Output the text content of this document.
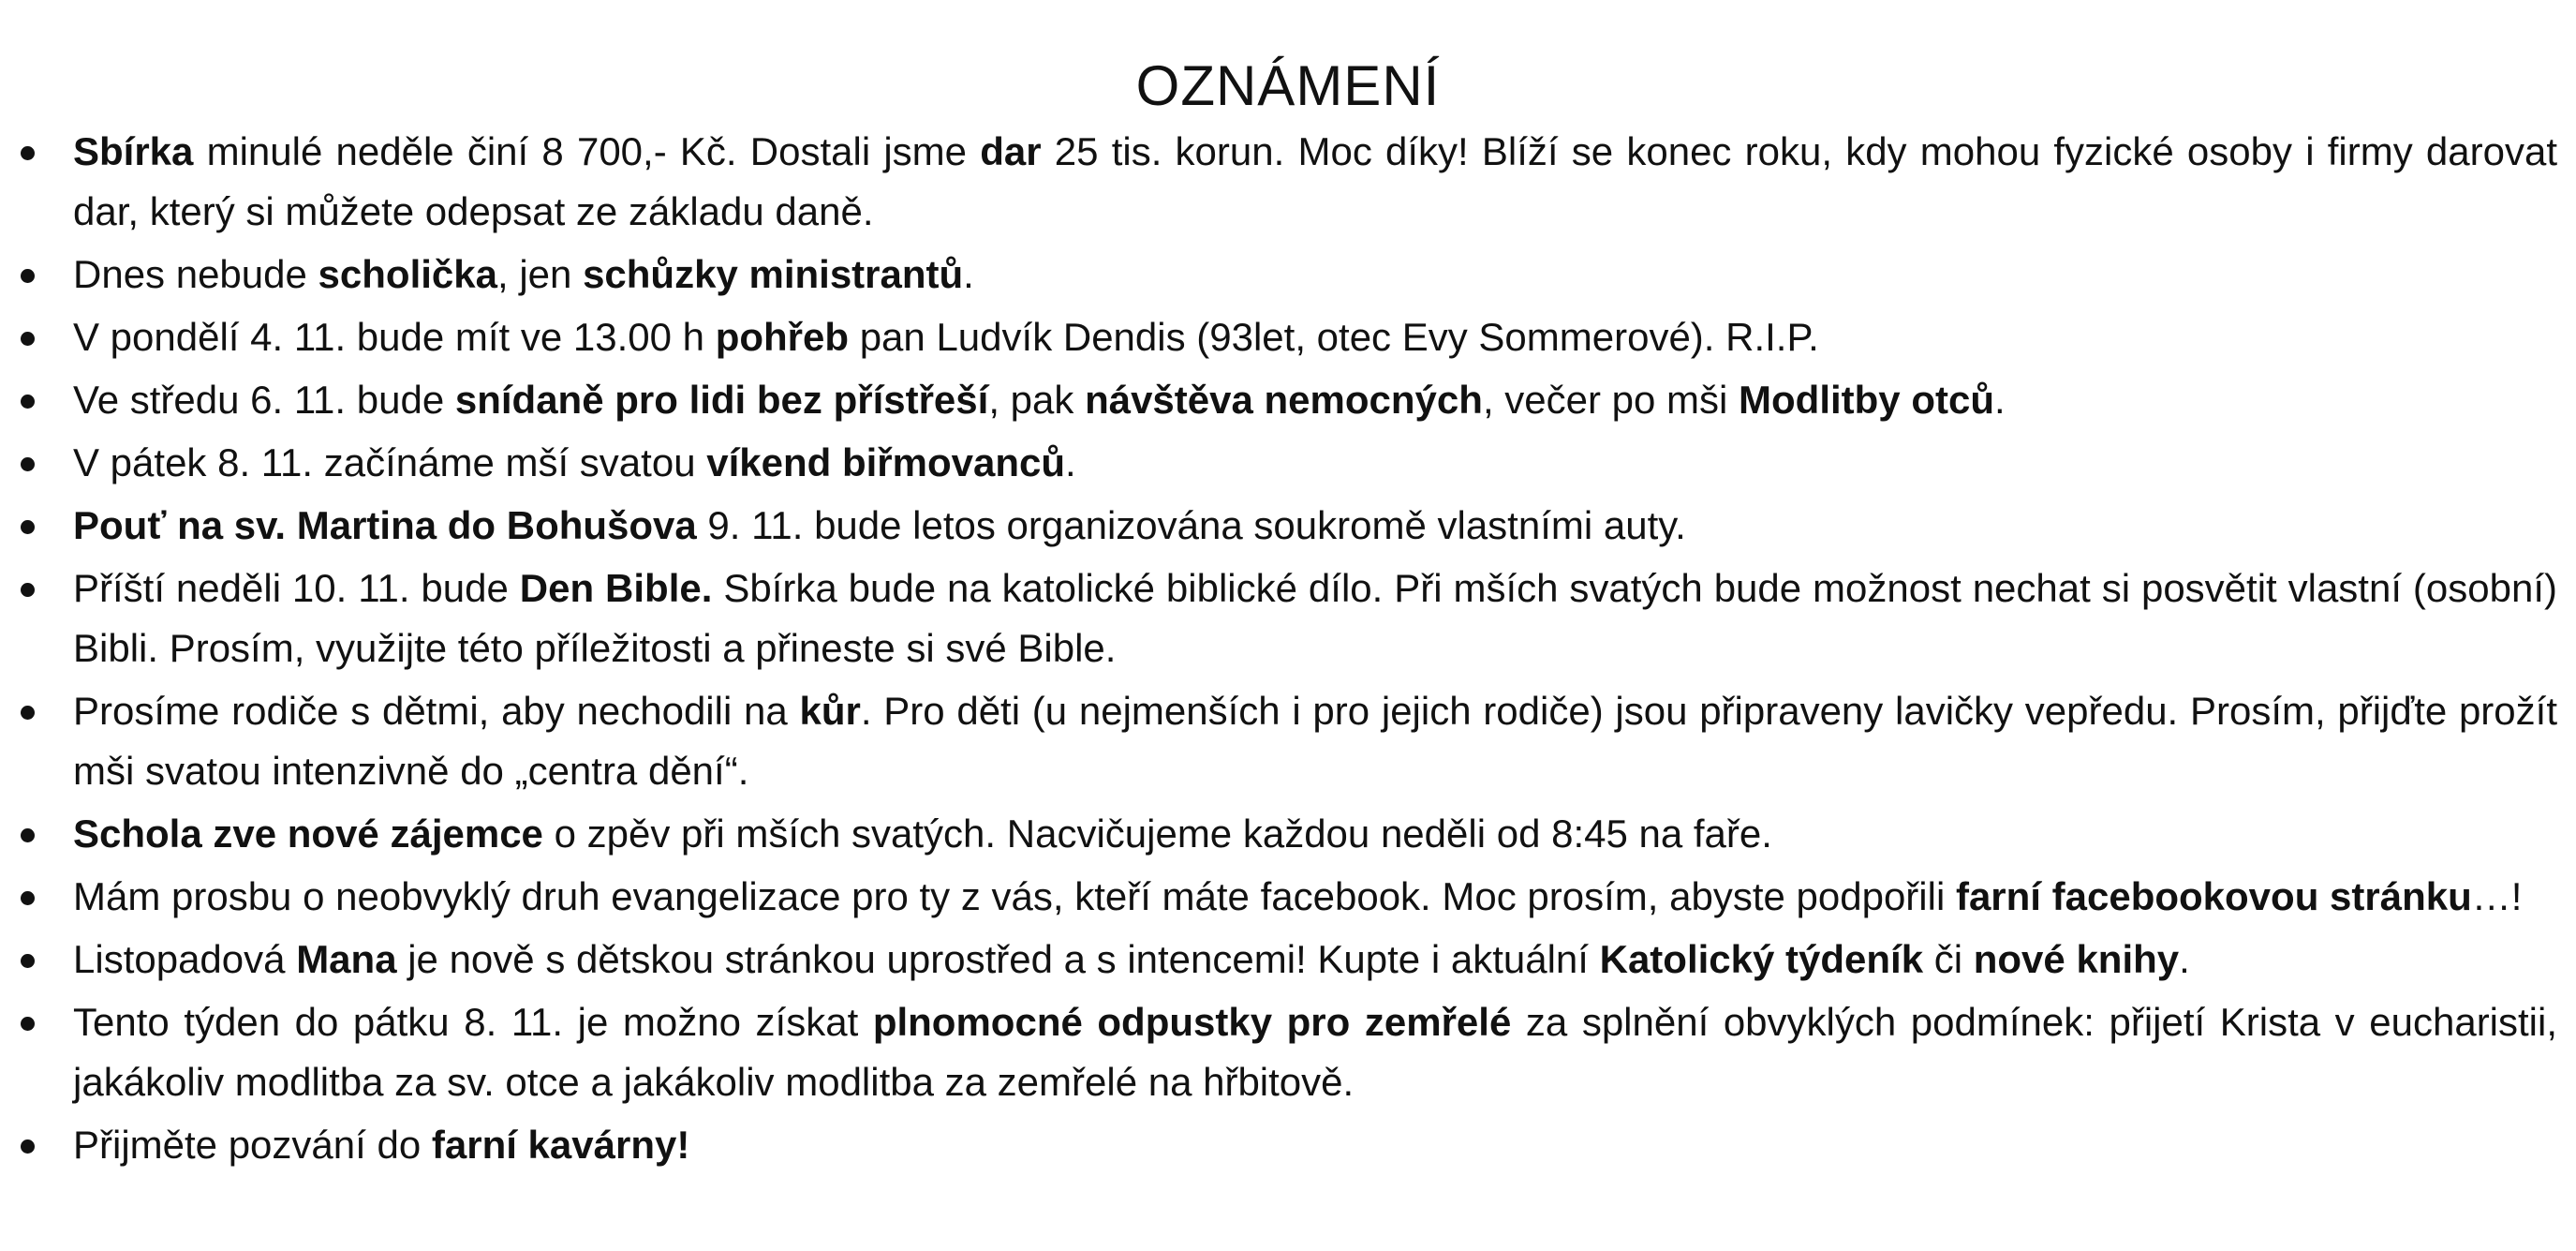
OZNÁMENÍ
Sbírka minulé neděle činí 8 700,- Kč. Dostali jsme dar 25 tis. korun. Moc díky! Blíží se konec roku, kdy mohou fyzické osoby i firmy darovat dar, který si můžete odepsat ze základu daně.
Dnes nebude scholička, jen schůzky ministrantů.
V pondělí 4. 11. bude mít ve 13.00 h pohřeb pan Ludvík Dendis (93let, otec Evy Sommerové). R.I.P.
Ve středu 6. 11. bude snídaně pro lidi bez přístřeší, pak návštěva nemocných, večer po mši Modlitby otců.
V pátek 8. 11. začínáme mší svatou víkend biřmovanců.
Pouť na sv. Martina do Bohušova 9. 11. bude letos organizována soukromě vlastními auty.
Příští neděli 10. 11. bude Den Bible. Sbírka bude na katolické biblické dílo. Při mších svatých bude možnost nechat si posvětit vlastní (osobní) Bibli. Prosím, využijte této příležitosti a přineste si své Bible.
Prosíme rodiče s dětmi, aby nechodili na kůr. Pro děti (u nejmenších i pro jejich rodiče) jsou připraveny lavičky vepředu. Prosím, přijďte prožít mši svatou intenzivně do „centra dění“.
Schola zve nové zájemce o zpěv při mších svatých. Nacvičujeme každou neděli od 8:45 na faře.
Mám prosbu o neobvyklý druh evangelizace pro ty z vás, kteří máte facebook. Moc prosím, abyste podpořili farní facebookovou stránku…!
Listopadová Mana je nově s dětskou stránkou uprostřed a s intencemi! Kupte i aktuální Katolický týdeník či nové knihy.
Tento týden do pátku 8. 11. je možno získat plnomocné odpustky pro zemřelé za splnění obvyklých podmínek: přijetí Krista v eucharistii, jakákoliv modlitba za sv. otce a jakákoliv modlitba za zemřelé na hřbitově.
Přijměte pozvání do farní kavárny!
